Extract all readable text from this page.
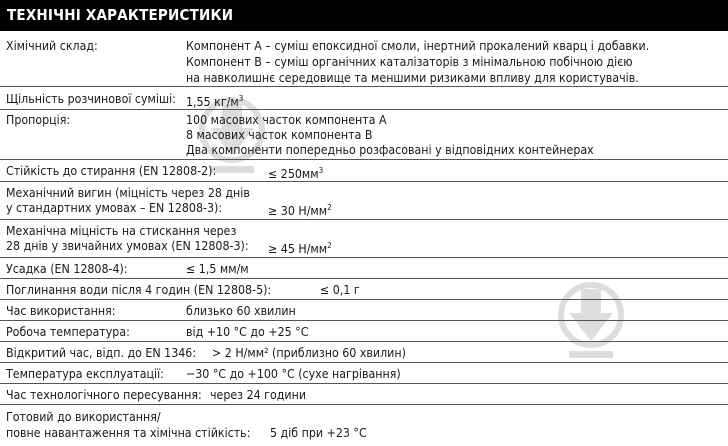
ТЕХНІЧНІ ХАРАКТЕРИСТИКИ
Хімічний склад:	Компонент А – суміш епоксидної смоли, інертний прокалений кварц і добавки.
Компонент В – суміш органічних каталізаторів з мінімальною побічною дією
на навколишнє середовище та меншими ризиками впливу для користувачів.
Щільність розчинової суміші: 1,55 $кг/м^3$
Пропорція:	100 масових часток компонента А
8 масових часток компонента В
Два компоненти попередньо розфасовані у відповідних контейнерах
Стійкість до стирання (EN 12808-2):	≤ $250мм^3$
Механічний вигин (міцність через 28 днів
у стандартних умовах – EN 12808-3):	≥ 30 $Н/мм^2$
Механічна міцність на стискання через
28 днів у звичайних умовах (EN 12808-3): ≥ 45 $Н/мм^2$
Усадка (EN 12808-4):	≤ 1,5 мм/м
Поглинання води після 4 годин (EN 12808-5):	≤ 0,1 г
Час використання:	близько 60 хвилин
Робоча температура:	від +10 °С до +25 °С
Відкритий час, відп. до EN 1346: > 2 Н/мм² (приблизно 60 хвилин)
Температура експлуатації: −30 °С до +100 °С (сухе нагрівання)
Час технологічного пересування: через 24 години
Готовий до використання/
повне навантаження та хімічна стійкість: 5 діб при +23 °С
